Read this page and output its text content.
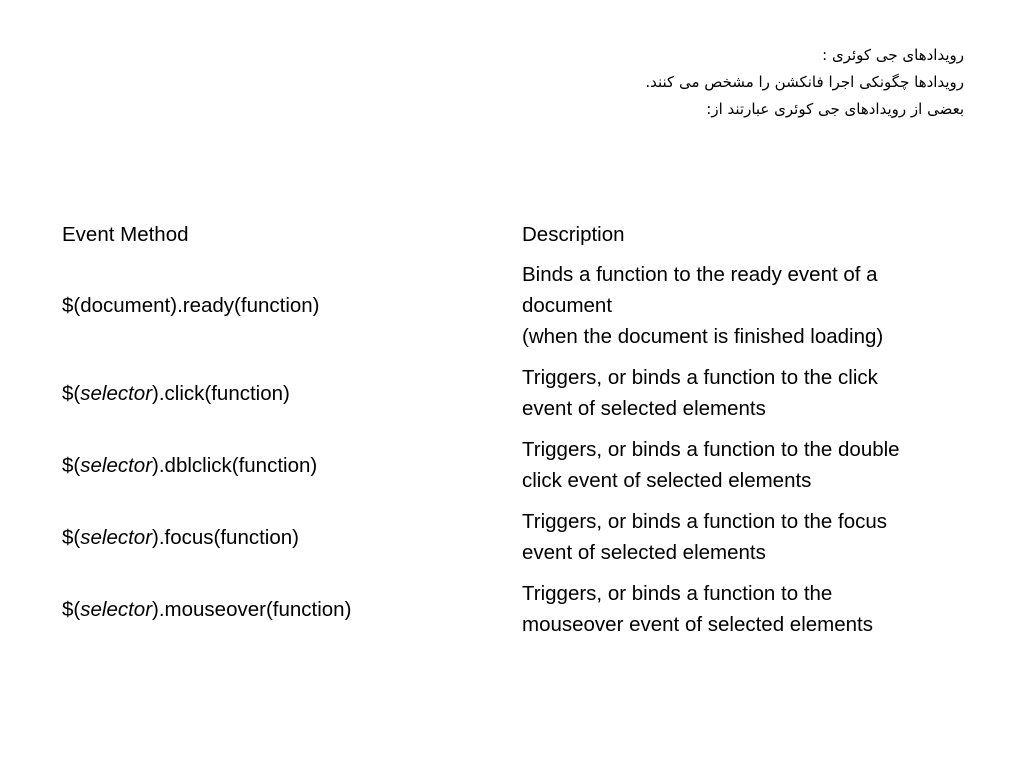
رویدادهای جی کوئری :
رویدادها چگونکی اجرا فانکشن را مشخص می کنند.
بعضی از رویدادهای جی کوئری عبارتند از:
Event Method	Description
$(document).ready(function)	Binds a function to the ready event of a
document
(when the document is finished loading)

$(selector).click(function)	Triggers, or binds a function to the click
event of selected elements

$(selector).dblclick(function)	Triggers, or binds a function to the double
click event of selected elements

$(selector).focus(function)	Triggers, or binds a function to the focus
event of selected elements

$(selector).mouseover(function)	Triggers, or binds a function to the
mouseover event of selected elements
